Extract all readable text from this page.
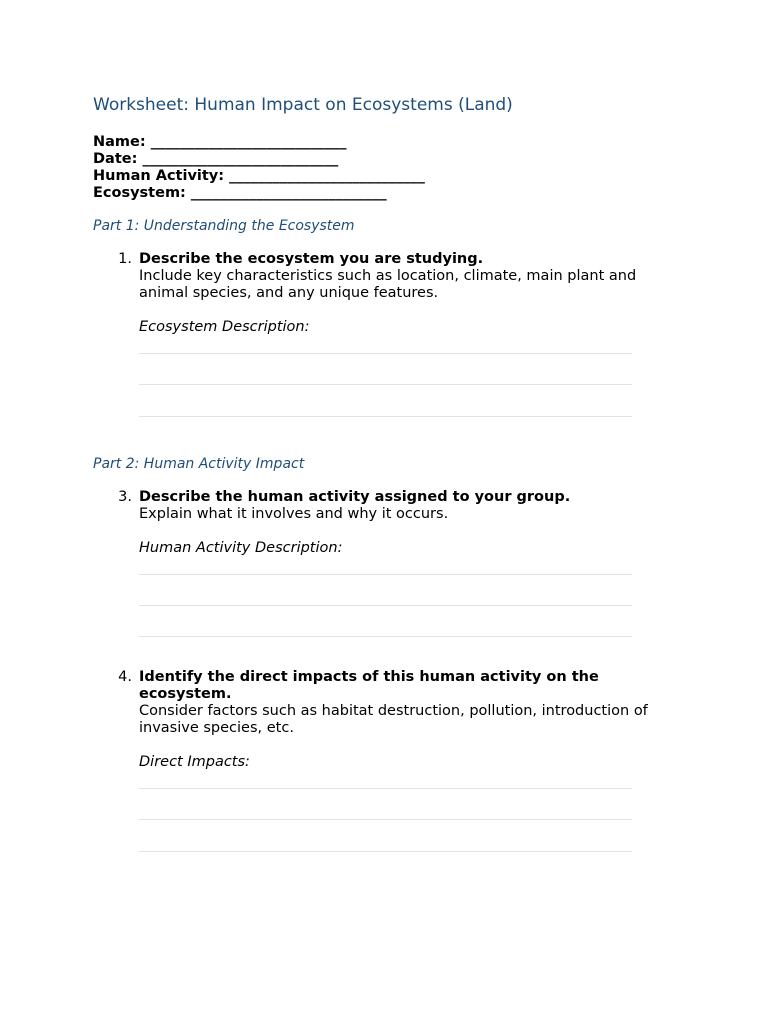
Worksheet: Human Impact on Ecosystems (Land)
Name: ___________________________
Date: ___________________________
Human Activity: ___________________________
Ecosystem: ___________________________
Part 1: Understanding the Ecosystem
1. Describe the ecosystem you are studying.
Include key characteristics such as location, climate, main plant and animal species, and any unique features.
Ecosystem Description:
Part 2: Human Activity Impact
3. Describe the human activity assigned to your group.
Explain what it involves and why it occurs.
Human Activity Description:
4. Identify the direct impacts of this human activity on the ecosystem.
Consider factors such as habitat destruction, pollution, introduction of invasive species, etc.
Direct Impacts:
